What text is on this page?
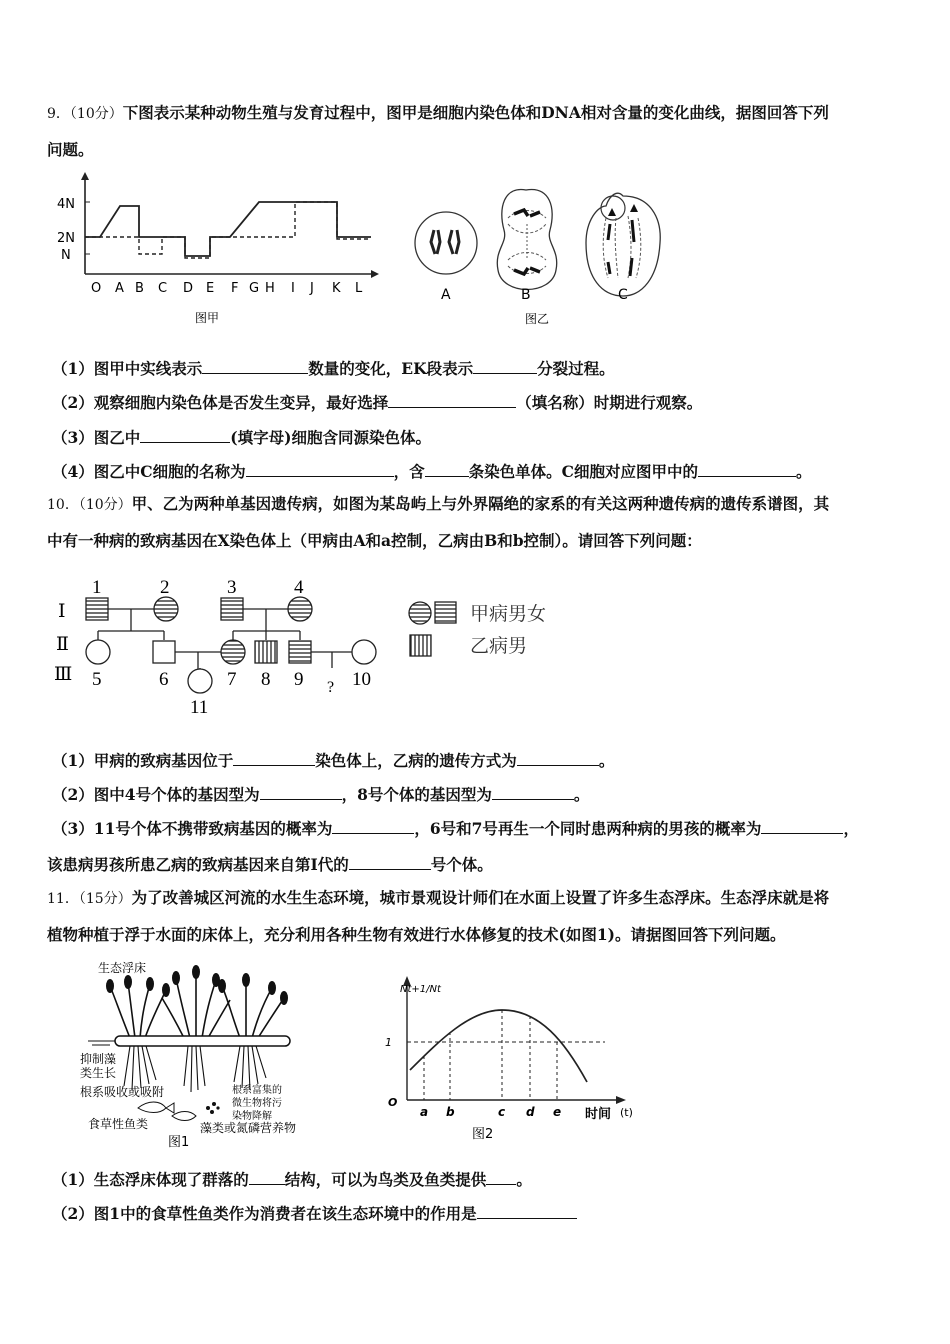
9．（10分）下图表示某种动物生殖与发育过程中，图甲是细胞内染色体和DNA相对含量的变化曲线，据图回答下列
问题。
4N
2N
N
O A B C D E F G H I J K L
图甲
A	B	C
图乙
（1）图甲中实线表示	数量的变化，EK段表示	分裂过程。
（2）观察细胞内染色体是否发生变异，最好选择	（填名称）时期进行观察。
（3）图乙中	(填字母)细胞含同源染色体。
（4）图乙中C细胞的名称为	，含	条染色单体。C细胞对应图甲中的	。
10．（10分）甲、乙为两种单基因遗传病，如图为某岛屿上与外界隔绝的家系的有关这两种遗传病的遗传系谱图，其
中有一种病的致病基因在X染色体上（甲病由A和a控制，乙病由B和b控制）。请回答下列问题：
Ⅰ
Ⅱ
Ⅲ
1	2	3	4
5	6	7 8 9	10
11
?
甲病男女
乙病男
（1）甲病的致病基因位于	染色体上，乙病的遗传方式为	。
（2）图中4号个体的基因型为	，8号个体的基因型为	。
（3）11号个体不携带致病基因的概率为	，6号和7号再生一个同时患两种病的男孩的概率为	，
该患病男孩所患乙病的致病基因来自第Ⅰ代的	号个体。
11．（15分）为了改善城区河流的水生生态环境，城市景观设计师们在水面上设置了许多生态浮床。生态浮床就是将
植物种植于浮于水面的床体上，充分利用各种生物有效进行水体修复的技术(如图1)。请据图回答下列问题。
生态浮床
抑制藻
类生长
根系吸收或吸附	根系富集的
微生物将污
染物降解
食草性鱼类	藻类或氮磷营养物
图1
Nt+1/Nt
1
O
a b	c d e 时间 (t)
图2
（1）生态浮床体现了群落的 结构，可以为鸟类及鱼类提供 。
（2）图1中的食草性鱼类作为消费者在该生态环境中的作用是
